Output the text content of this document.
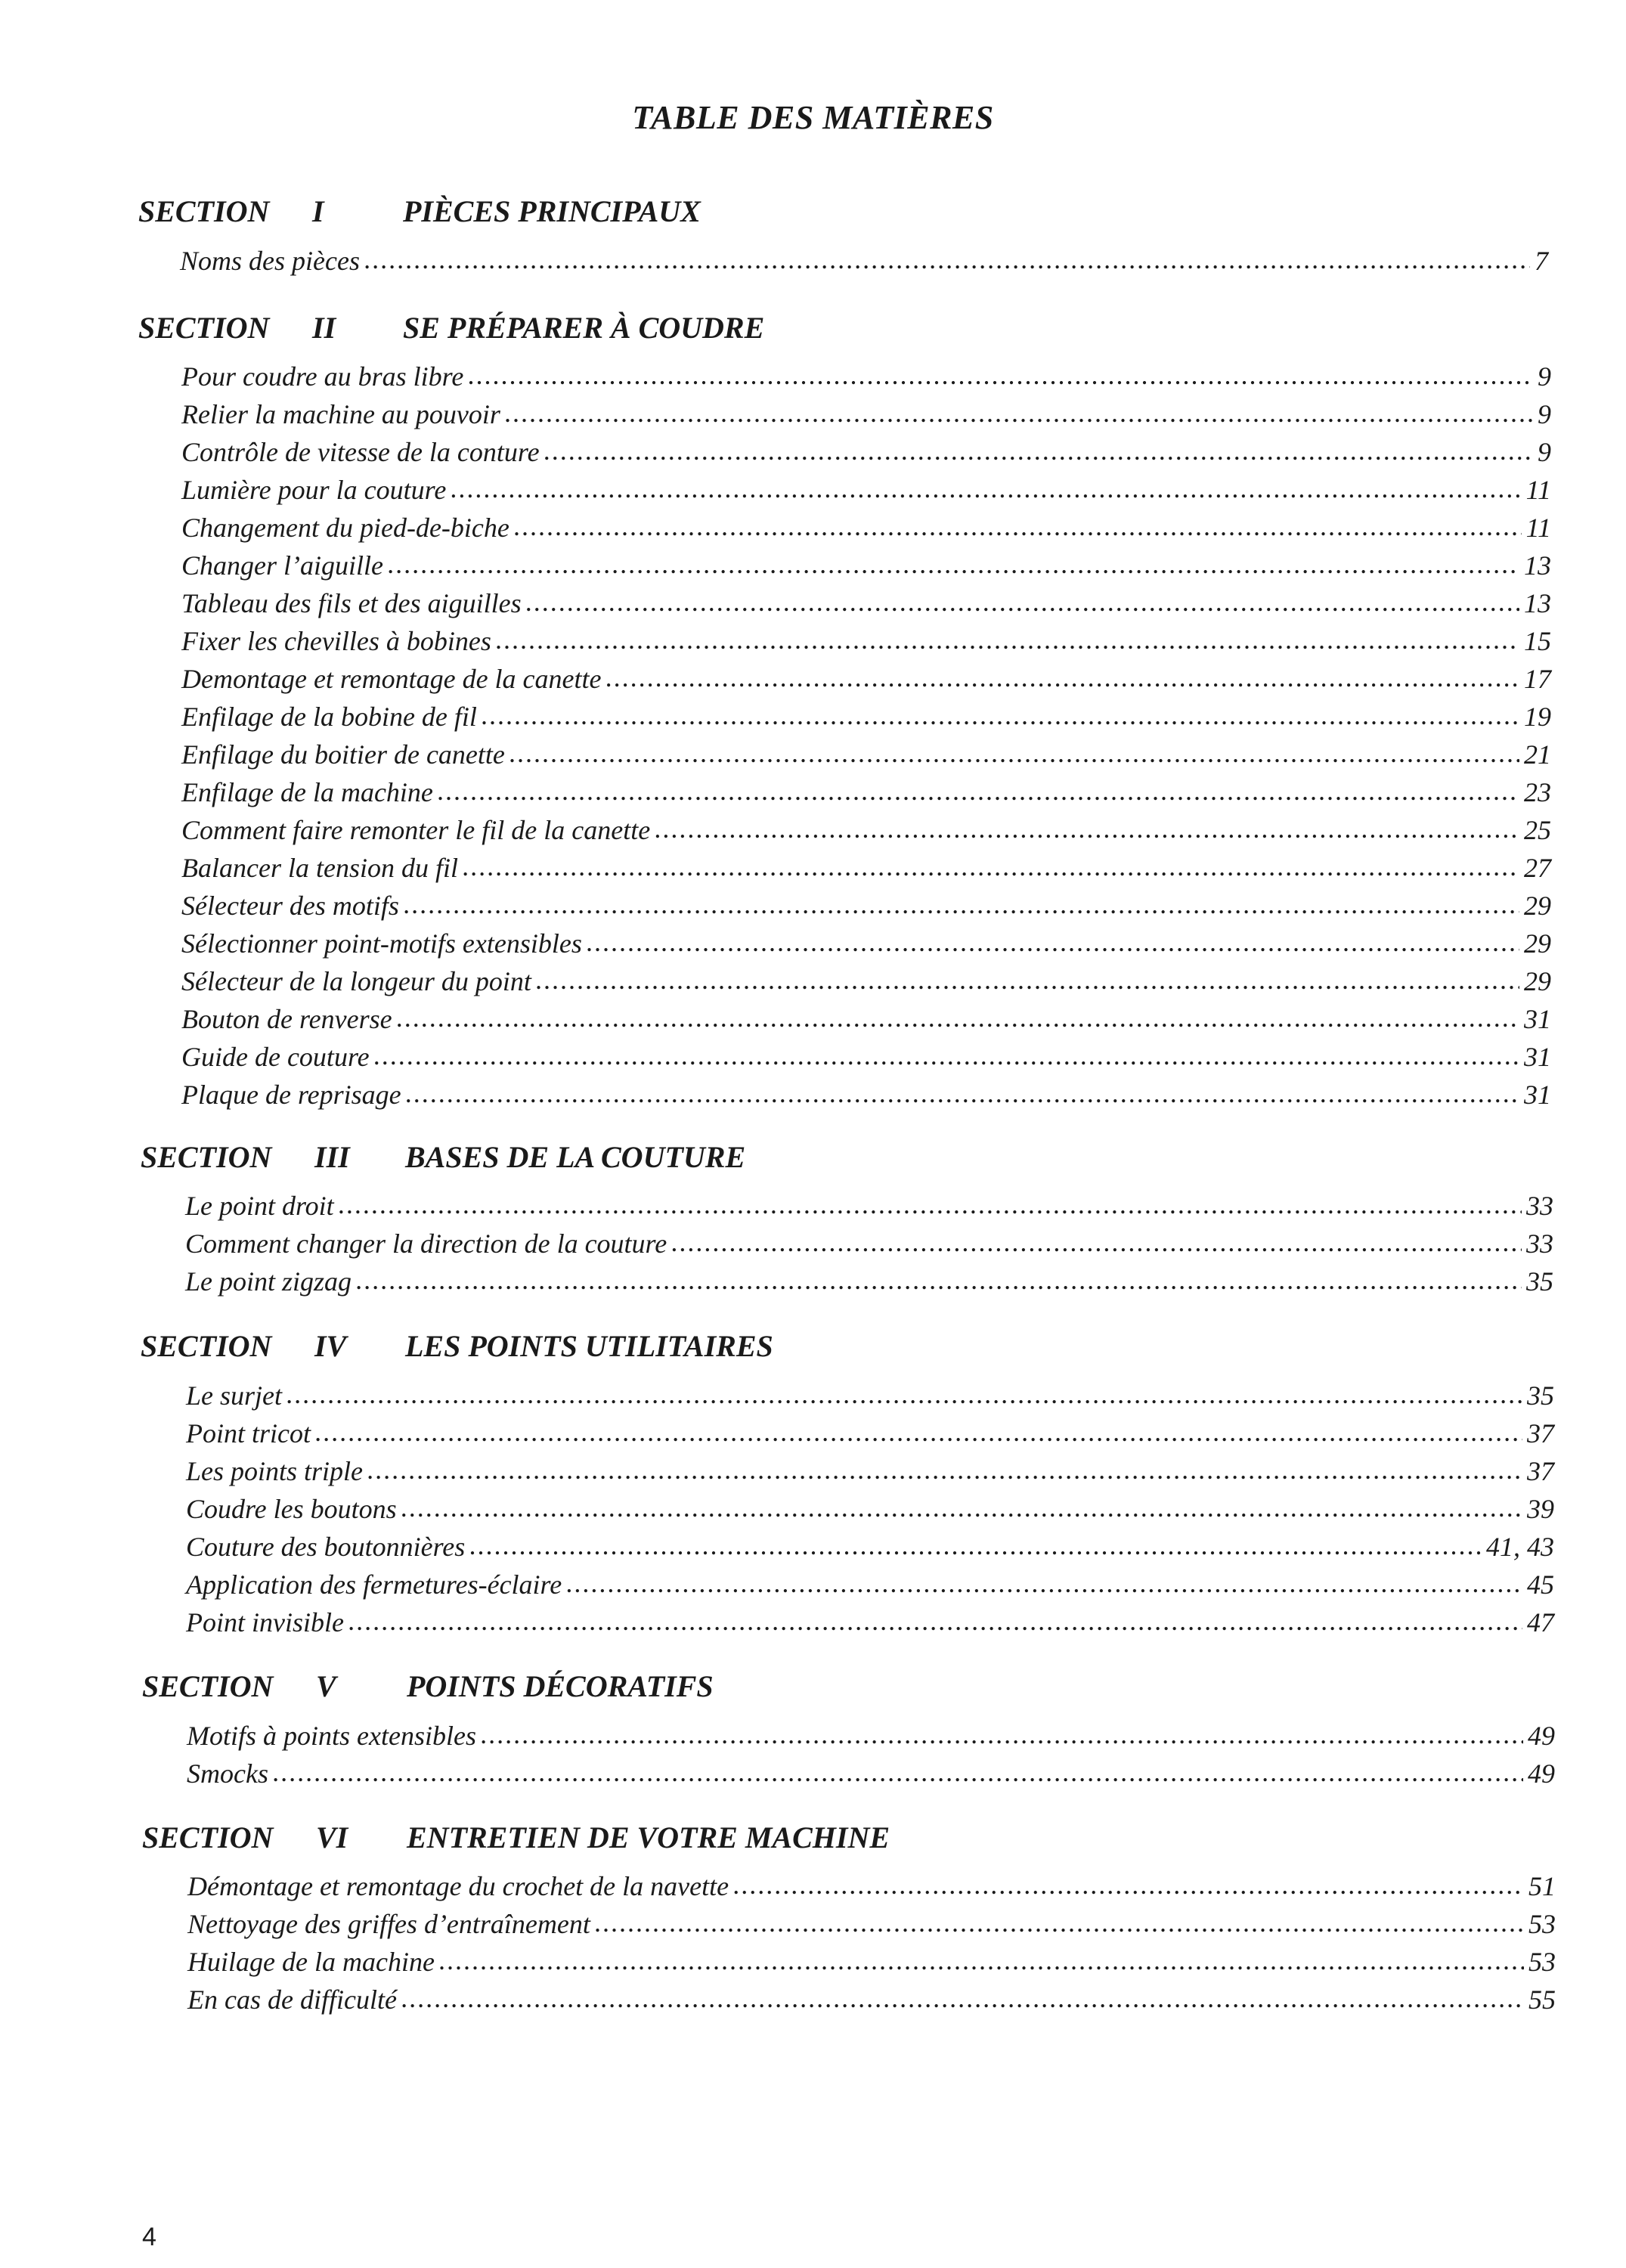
TABLE DES MATIÈRES
SECTION I	PIÈCES PRINCIPAUX
Noms des pièces .....	7
SECTION II SE PRÉPARER À COUDRE
Pour coudre au bras libre .....	9
Relier la machine au pouvoir .....	9
Contrôle de vitesse de la conture .....	9
Lumière pour la couture .....	11
Changement du pied-de-biche .....	11
Changer l’aiguille .....	13
Tableau des fils et des aiguilles .....	13
Fixer les chevilles à bobines .....	15
Demontage et remontage de la canette .....	17
Enfilage de la bobine de fil .....	19
Enfilage du boitier de canette .....	21
Enfilage de la machine .....	23
Comment faire remonter le fil de la canette .....	25
Balancer la tension du fil .....	27
Sélecteur des motifs .....	29
Sélectionner point-motifs extensibles .....	29
Sélecteur de la longeur du point .....	29
Bouton de renverse .....	31
Guide de couture .....	31
Plaque de reprisage .....	31
SECTION III BASES DE LA COUTURE
Le point droit .....	33
Comment changer la direction de la couture .....	33
Le point zigzag .....	35
SECTION IV LES POINTS UTILITAIRES
Le surjet .....	35
Point tricot .....	37
Les points triple .....	37
Coudre les boutons .....	39
Couture des boutonnières .....	41, 43
Application des fermetures-éclaire .....	45
Point invisible .....	47
SECTION V POINTS DÉCORATIFS
Motifs à points extensibles .....	49
Smocks .....	49
SECTION VI ENTRETIEN DE VOTRE MACHINE
Démontage et remontage du crochet de la navette .....	51
Nettoyage des griffes d’entraînement .....	53
Huilage de la machine .....	53
En cas de difficulté .....	55
4
